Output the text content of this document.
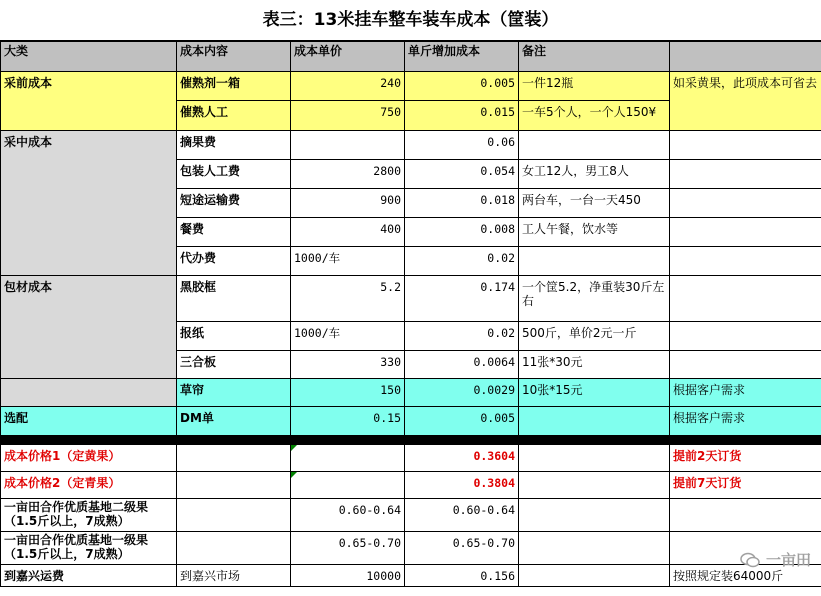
表三：13米挂车整车装车成本（筐装）
大类	成本内容	成本单价	单斤增加成本	备注	
采前成本	催熟剂一箱	240	0.005	一件12瓶	如采黄果，此项成本可省去
	催熟人工	750	0.015	一车5个人，一个人150¥	
采中成本	摘果费		0.06		
	包装人工费	2800	0.054	女工12人，男工8人	
	短途运输费	900	0.018	两台车，一台一天450	
	餐费	400	0.008	工人午餐，饮水等	
	代办费	1000/车	0.02		
包材成本	黑胶框	5.2	0.174	一个筐5.2，净重装30斤左右	
	报纸	1000/车	0.02	500斤，单价2元一斤	
	三合板	330	0.0064	11张*30元	
	草帘	150	0.0029	10张*15元	根据客户需求
选配	DM单	0.15	0.005		根据客户需求

成本价格1（定黄果）			0.3604		提前2天订货
成本价格2（定青果）			0.3804		提前7天订货
一亩田合作优质基地二级果（1.5斤以上，7成熟）		0.60-0.64	0.60-0.64		
一亩田合作优质基地一级果（1.5斤以上，7成熟）		0.65-0.70	0.65-0.70		
到嘉兴运费	到嘉兴市场	10000	0.156		按照规定装64000斤
一亩田
